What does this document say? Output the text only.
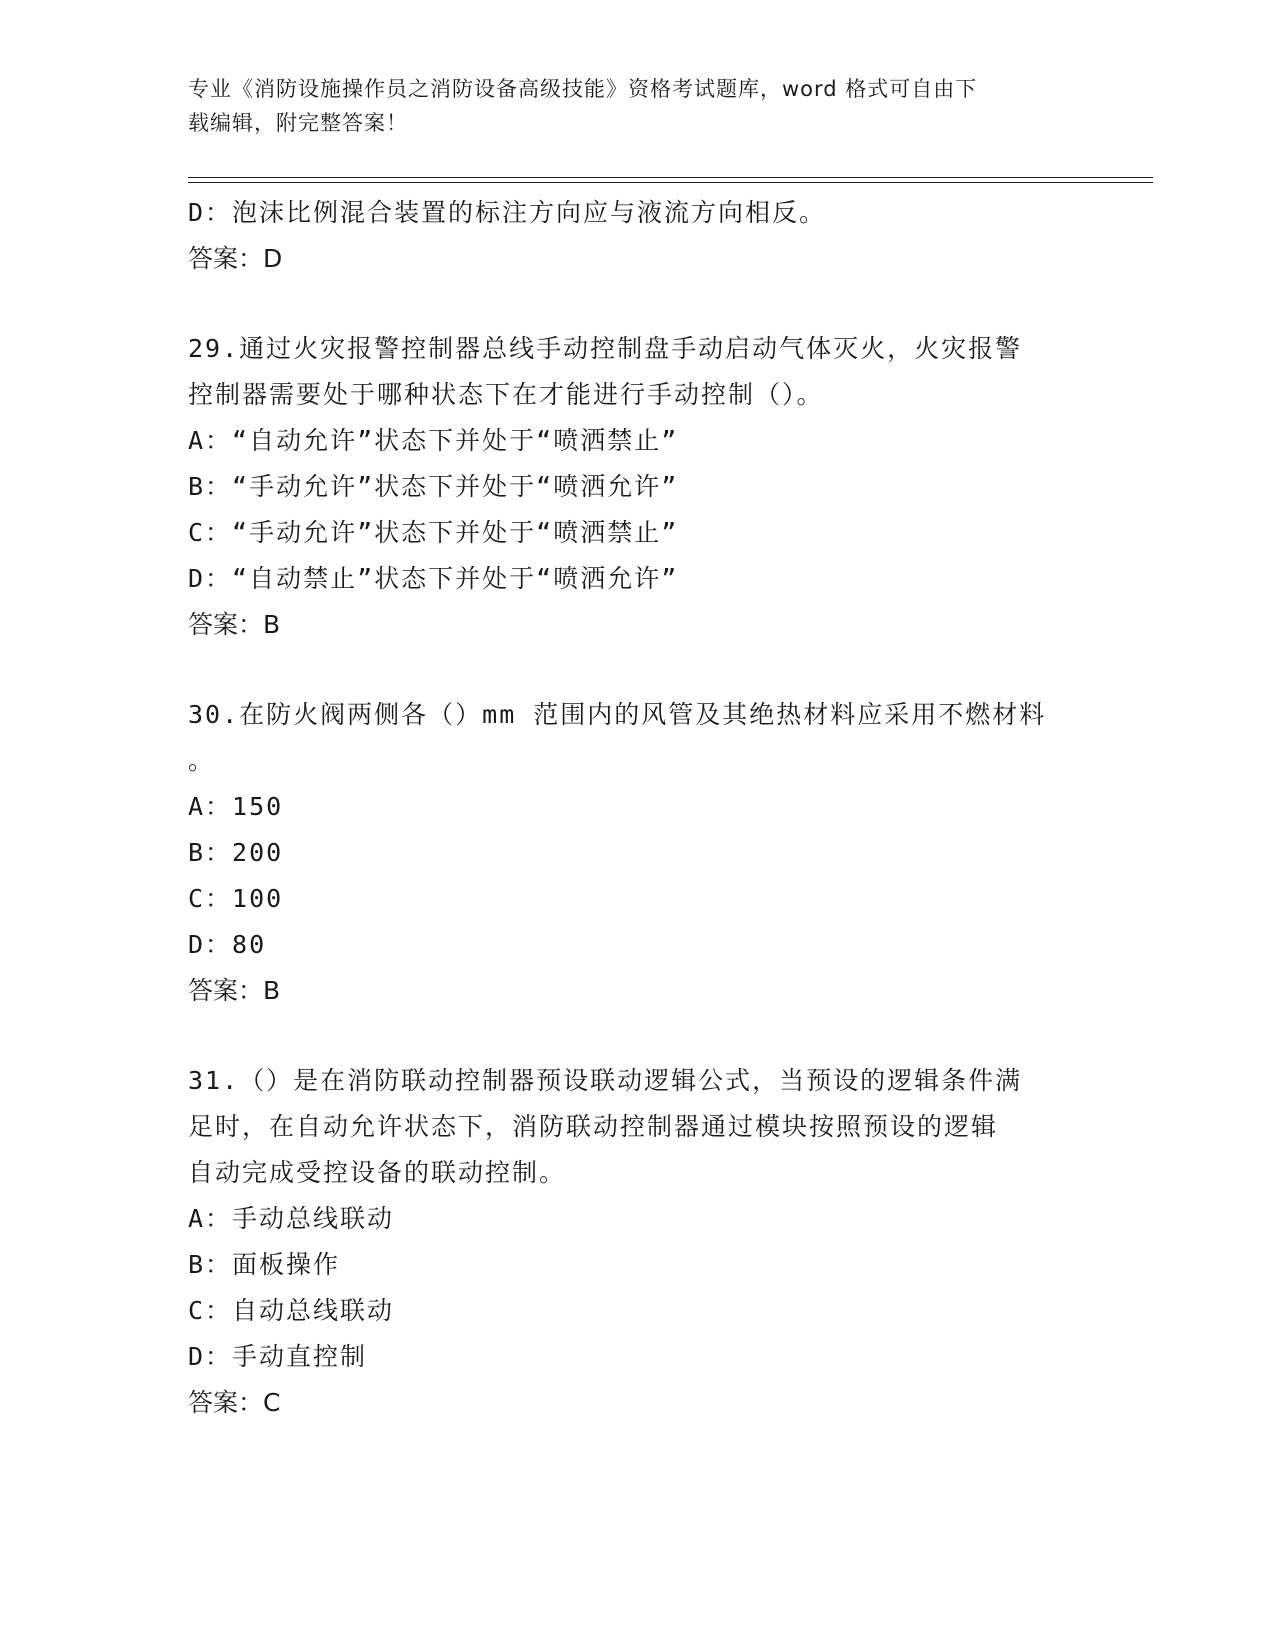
专业《消防设施操作员之消防设备高级技能》资格考试题库，word 格式可自由下
载编辑，附完整答案！
D：泡沫比例混合装置的标注方向应与液流方向相反。
答案：D
29.通过火灾报警控制器总线手动控制盘手动启动气体灭火，火灾报警
控制器需要处于哪种状态下在才能进行手动控制（）。
A：“自动允许”状态下并处于“喷洒禁止”
B：“手动允许”状态下并处于“喷洒允许”
C：“手动允许”状态下并处于“喷洒禁止”
D：“自动禁止”状态下并处于“喷洒允许”
答案：B
30.在防火阀两侧各（）mm 范围内的风管及其绝热材料应采用不燃材料
。
A：150
B：200
C：100
D：80
答案：B
31.（）是在消防联动控制器预设联动逻辑公式，当预设的逻辑条件满
足时，在自动允许状态下，消防联动控制器通过模块按照预设的逻辑
自动完成受控设备的联动控制。
A：手动总线联动
B：面板操作
C：自动总线联动
D：手动直控制
答案：C
